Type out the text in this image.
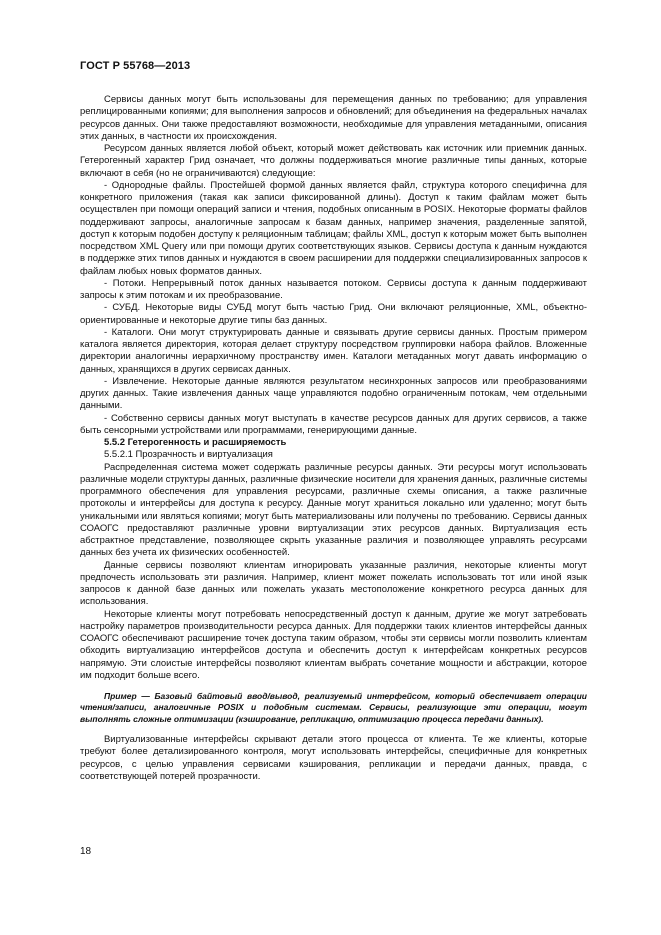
ГОСТ Р 55768—2013

Сервисы данных могут быть использованы для перемещения данных по требованию; для управления реплицированными копиями; для выполнения запросов и обновлений; для объединения на федеральных началах ресурсов данных. Они также предоставляют возможности, необходимые для управления метаданными, описания этих данных, в частности их происхождения.

Ресурсом данных является любой объект, который может действовать как источник или приемник данных. Гетерогенный характер Грид означает, что должны поддерживаться многие различные типы данных, которые включают в себя (но не ограничиваются) следующие:

- Однородные файлы. Простейшей формой данных является файл, структура которого специфична для конкретного приложения (такая как записи фиксированной длины). Доступ к таким файлам может быть осуществлен при помощи операций записи и чтения, подобных описанным в POSIX. Некоторые форматы файлов поддерживают запросы, аналогичные запросам к базам данных, например значения, разделенные запятой, доступ к которым подобен доступу к реляционным таблицам; файлы XML, доступ к которым может быть выполнен посредством XML Query или при помощи других соответствующих языков. Сервисы доступа к данным нуждаются в поддержке этих типов данных и нуждаются в своем расширении для поддержки специализированных запросов к файлам любых новых форматов данных.

- Потоки. Непрерывный поток данных называется потоком. Сервисы доступа к данным поддерживают запросы к этим потокам и их преобразование.

- СУБД. Некоторые виды СУБД могут быть частью Грид. Они включают реляционные, XML, объектно-ориентированные и некоторые другие типы баз данных.

- Каталоги. Они могут структурировать данные и связывать другие сервисы данных. Простым примером каталога является директория, которая делает структуру посредством группировки набора файлов. Вложенные директории аналогичны иерархичному пространству имен. Каталоги метаданных могут давать информацию о данных, хранящихся в других сервисах данных.

- Извлечение. Некоторые данные являются результатом несинхронных запросов или преобразованиями других данных. Такие извлечения данных чаще управляются подобно ограниченным потокам, чем отдельными данными.

- Собственно сервисы данных могут выступать в качестве ресурсов данных для других сервисов, а также быть сенсорными устройствами или программами, генерирующими данные.

5.5.2 Гетерогенность и расширяемость

5.5.2.1 Прозрачность и виртуализация

Распределенная система может содержать различные ресурсы данных. Эти ресурсы могут использовать различные модели структуры данных, различные физические носители для хранения данных, различные системы программного обеспечения для управления ресурсами, различные схемы описания, а также различные протоколы и интерфейсы для доступа к ресурсу. Данные могут храниться локально или удаленно; могут быть уникальными или являться копиями; могут быть материализованы или получены по требованию. Сервисы данных СОАОГС предоставляют различные уровни виртуализации этих ресурсов данных. Виртуализация есть абстрактное представление, позволяющее скрыть указанные различия и позволяющее управлять ресурсами данных без учета их физических особенностей.

Данные сервисы позволяют клиентам игнорировать указанные различия, некоторые клиенты могут предпочесть использовать эти различия. Например, клиент может пожелать использовать тот или иной язык запросов к данной базе данных или пожелать указать местоположение конкретного ресурса данных для использования.

Некоторые клиенты могут потребовать непосредственный доступ к данным, другие же могут затребовать настройку параметров производительности ресурса данных. Для поддержки таких клиентов интерфейсы данных СОАОГС обеспечивают расширение точек доступа таким образом, чтобы эти сервисы могли позволить клиентам обходить виртуализацию интерфейсов доступа и обеспечить доступ к интерфейсам конкретных ресурсов напрямую. Эти слоистые интерфейсы позволяют клиентам выбрать сочетание мощности и абстракции, которое им подходит больше всего.

Пример — Базовый байтовый ввод/вывод, реализуемый интерфейсом, который обеспечивает операции чтения/записи, аналогичные POSIX и подобным системам. Сервисы, реализующие эти операции, могут выполнять сложные оптимизации (кэширование, репликацию, оптимизацию процесса передачи данных).

Виртуализованные интерфейсы скрывают детали этого процесса от клиента. Те же клиенты, которые требуют более детализированного контроля, могут использовать интерфейсы, специфичные для конкретных ресурсов, с целью управления сервисами кэширования, репликации и передачи данных, правда, с соответствующей потерей прозрачности.

18
